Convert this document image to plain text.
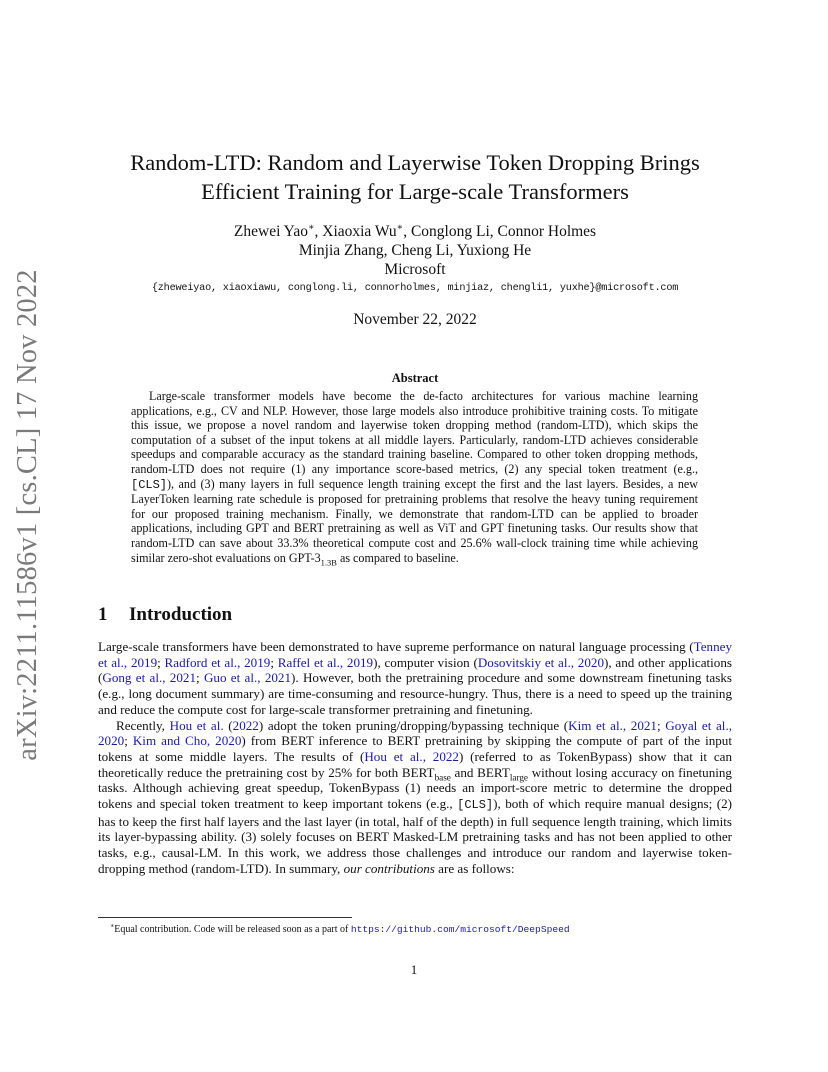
arXiv:2211.11586v1 [cs.CL] 17 Nov 2022
Random-LTD: Random and Layerwise Token Dropping Brings
Efficient Training for Large-scale Transformers
Zhewei Yao∗, Xiaoxia Wu∗, Conglong Li, Connor Holmes
Minjia Zhang, Cheng Li, Yuxiong He
Microsoft
{zheweiyao, xiaoxiawu, conglong.li, connorholmes, minjiaz, chengli1, yuxhe}@microsoft.com
November 22, 2022
Abstract
Large-scale transformer models have become the de-facto architectures for various machine learning applications, e.g., CV and NLP. However, those large models also introduce prohibitive training costs. To mitigate this issue, we propose a novel random and layerwise token dropping method (random-LTD), which skips the computation of a subset of the input tokens at all middle layers. Particularly, random-LTD achieves considerable speedups and comparable accuracy as the standard training baseline. Compared to other token dropping methods, random-LTD does not require (1) any importance score-based metrics, (2) any special token treatment (e.g., [CLS]), and (3) many layers in full sequence length training except the first and the last layers. Besides, a new LayerToken learning rate schedule is proposed for pretraining problems that resolve the heavy tuning requirement for our proposed training mechanism. Finally, we demonstrate that random-LTD can be applied to broader applications, including GPT and BERT pretraining as well as ViT and GPT finetuning tasks. Our results show that random-LTD can save about 33.3% theoretical compute cost and 25.6% wall-clock training time while achieving similar zero-shot evaluations on GPT-$3_{1.3B}$ as compared to baseline.
1 Introduction

Large-scale transformers have been demonstrated to have supreme performance on natural language processing (Tenney et al., 2019; Radford et al., 2019; Raffel et al., 2019), computer vision (Dosovitskiy et al., 2020), and other applications (Gong et al., 2021; Guo et al., 2021). However, both the pretraining procedure and some downstream finetuning tasks (e.g., long document summary) are time-consuming and resource-hungry. Thus, there is a need to speed up the training and reduce the compute cost for large-scale transformer pretraining and finetuning.

Recently, Hou et al. (2022) adopt the token pruning/dropping/bypassing technique (Kim et al., 2021; Goyal et al., 2020; Kim and Cho, 2020) from BERT inference to BERT pretraining by skipping the compute of part of the input tokens at some middle layers. The results of (Hou et al., 2022) (referred to as TokenBypass) show that it can theoretically reduce the pretraining cost by 25% for both $BERT_{base}$ and $BERT_{large}$ without losing accuracy on finetuning tasks. Although achieving great speedup, TokenBypass (1) needs an import-score metric to determine the dropped tokens and special token treatment to keep important tokens (e.g., [CLS]), both of which require manual designs; (2) has to keep the first half layers and the last layer (in total, half of the depth) in full sequence length training, which limits its layer-bypassing ability. (3) solely focuses on BERT Masked-LM pretraining tasks and has not been applied to other tasks, e.g., causal-LM. In this work, we address those challenges and introduce our random and layerwise token-dropping method (random-LTD). In summary, our contributions are as follows:

∗Equal contribution. Code will be released soon as a part of https://github.com/microsoft/DeepSpeed
1
